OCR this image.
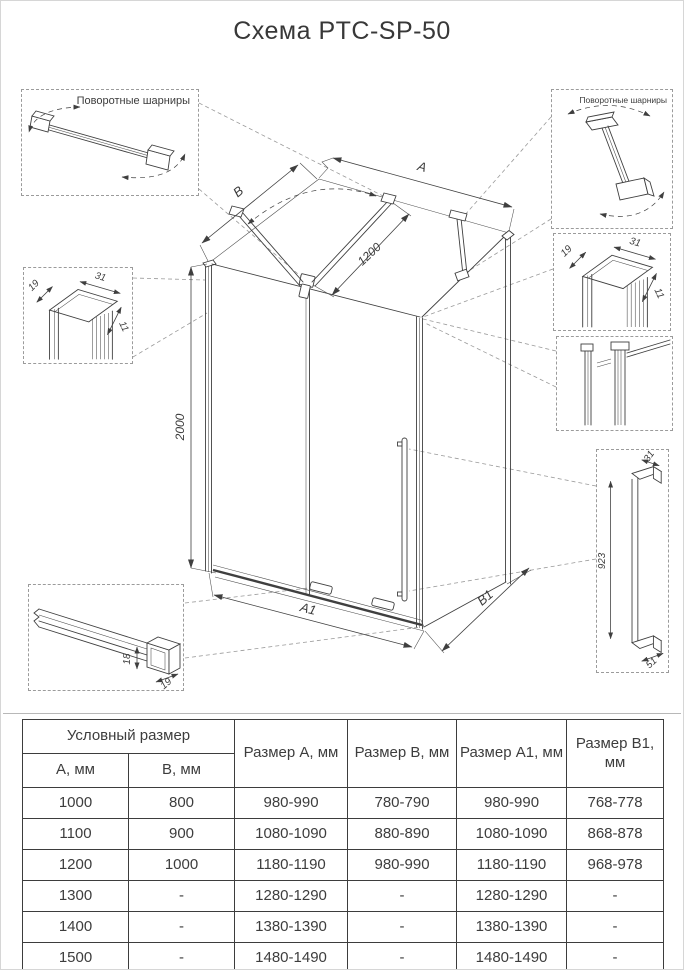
Схема PTC-SP-50
2000
B
A
1200
A1
B1
Поворотные шарниры	Поворотные шарниры
19
31
11
19
31
11
18
19
923
31
51
Условный размер		Размер А, мм	Размер В, мм	Размер А1, мм	Размер В1, мм
А, мм	В, мм				
1000	800	980-990	780-790	980-990	768-778
1100	900	1080-1090	880-890	1080-1090	868-878
1200	1000	1180-1190	980-990	1180-1190	968-978
1300	-	1280-1290	-	1280-1290	-
1400	-	1380-1390	-	1380-1390	-
1500	-	1480-1490	-	1480-1490	-
